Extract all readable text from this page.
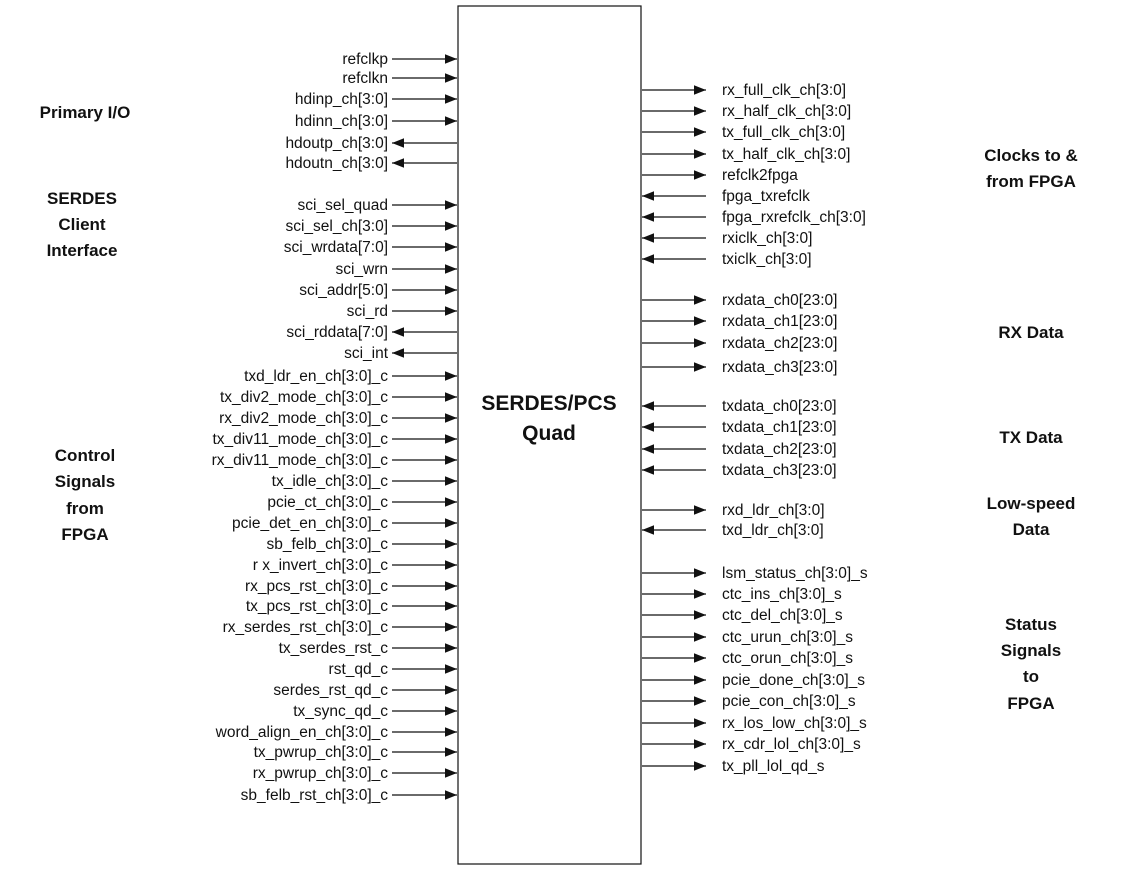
SERDES/PCS
Quad
Primary I/O
SERDES
Client
Interface
Control
Signals
from
FPGA
Clocks to &
from FPGA
RX Data
TX Data
Low-speed
Data
Status
Signals
to
FPGA
refclkp
refclkn
hdinp_ch[3:0]
hdinn_ch[3:0]
hdoutp_ch[3:0]
hdoutn_ch[3:0]
sci_sel_quad
sci_sel_ch[3:0]
sci_wrdata[7:0]
sci_wrn
sci_addr[5:0]
sci_rd
sci_rddata[7:0]
sci_int
txd_ldr_en_ch[3:0]_c
tx_div2_mode_ch[3:0]_c
rx_div2_mode_ch[3:0]_c
tx_div11_mode_ch[3:0]_c
rx_div11_mode_ch[3:0]_c
tx_idle_ch[3:0]_c
pcie_ct_ch[3:0]_c
pcie_det_en_ch[3:0]_c
sb_felb_ch[3:0]_c
r x_invert_ch[3:0]_c
rx_pcs_rst_ch[3:0]_c
tx_pcs_rst_ch[3:0]_c
rx_serdes_rst_ch[3:0]_c
tx_serdes_rst_c
rst_qd_c
serdes_rst_qd_c
tx_sync_qd_c
word_align_en_ch[3:0]_c
tx_pwrup_ch[3:0]_c
rx_pwrup_ch[3:0]_c
sb_felb_rst_ch[3:0]_c
rx_full_clk_ch[3:0]
rx_half_clk_ch[3:0]
tx_full_clk_ch[3:0]
tx_half_clk_ch[3:0]
refclk2fpga
fpga_txrefclk
fpga_rxrefclk_ch[3:0]
rxiclk_ch[3:0]
txiclk_ch[3:0]
rxdata_ch0[23:0]
rxdata_ch1[23:0]
rxdata_ch2[23:0]
rxdata_ch3[23:0]
txdata_ch0[23:0]
txdata_ch1[23:0]
txdata_ch2[23:0]
txdata_ch3[23:0]
rxd_ldr_ch[3:0]
txd_ldr_ch[3:0]
lsm_status_ch[3:0]_s
ctc_ins_ch[3:0]_s
ctc_del_ch[3:0]_s
ctc_urun_ch[3:0]_s
ctc_orun_ch[3:0]_s
pcie_done_ch[3:0]_s
pcie_con_ch[3:0]_s
rx_los_low_ch[3:0]_s
rx_cdr_lol_ch[3:0]_s
tx_pll_lol_qd_s
